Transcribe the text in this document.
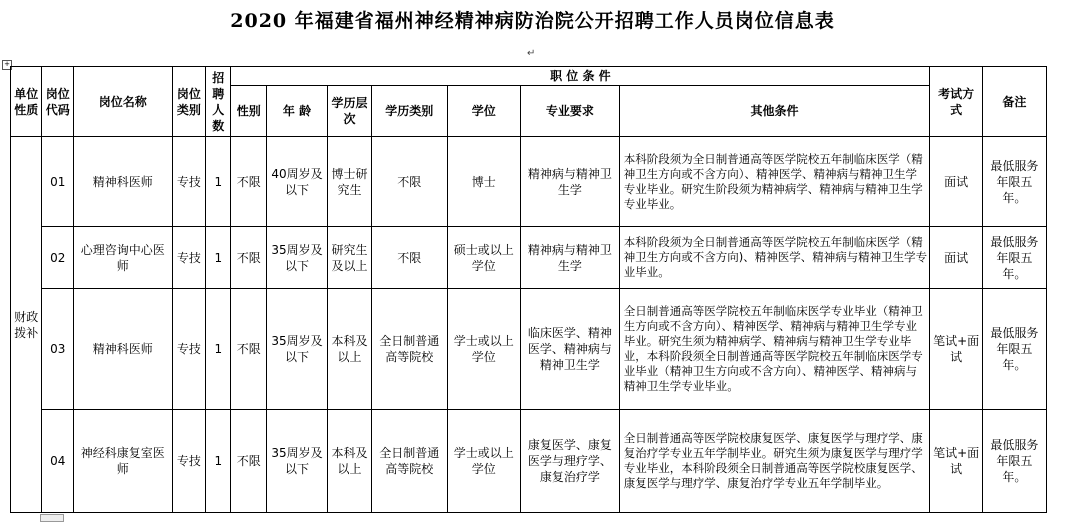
2020 年福建省福州神经精神病防治院公开招聘工作人员岗位信息表
↵
+
单位性质	岗位代码	岗位名称	岗位类别	招聘人数	职 位 条 件							考试方式	备注
					性别	年 龄	学历层次	学历类别	学位	专业要求	其他条件		
财政拨补	01	精神科医师	专技	1	不限	40周岁及以下	博士研究生	不限	博士	精神病与精神卫生学	本科阶段须为全日制普通高等医学院校五年制临床医学（精神卫生方向或不含方向）、精神医学、精神病与精神卫生学专业毕业。研究生阶段须为精神病学、精神病与精神卫生学专业毕业。	面试	最低服务年限五年。
	02	心理咨询中心医师	专技	1	不限	35周岁及以下	研究生及以上	不限	硕士或以上学位	精神病与精神卫生学	本科阶段须为全日制普通高等医学院校五年制临床医学（精神卫生方向或不含方向)、精神医学、精神病与精神卫生学专业毕业。	面试	最低服务年限五年。
	03	精神科医师	专技	1	不限	35周岁及以下	本科及以上	全日制普通高等院校	学士或以上学位	临床医学、精神医学、精神病与精神卫生学	全日制普通高等医学院校五年制临床医学专业毕业（精神卫生方向或不含方向）、精神医学、精神病与精神卫生学专业毕业。研究生须为精神病学、精神病与精神卫生学专业毕业，本科阶段须全日制普通高等医学院校五年制临床医学专业毕业（精神卫生方向或不含方向）、精神医学、精神病与精神卫生学专业毕业。	笔试+面试	最低服务年限五年。
	04	神经科康复室医师	专技	1	不限	35周岁及以下	本科及以上	全日制普通高等院校	学士或以上学位	康复医学、康复医学与理疗学、康复治疗学	全日制普通高等医学院校康复医学、康复医学与理疗学、康复治疗学专业五年学制毕业。研究生须为康复医学与理疗学专业毕业，本科阶段须全日制普通高等医学院校康复医学、康复医学与理疗学、康复治疗学专业五年学制毕业。	笔试+面试	最低服务年限五年。
